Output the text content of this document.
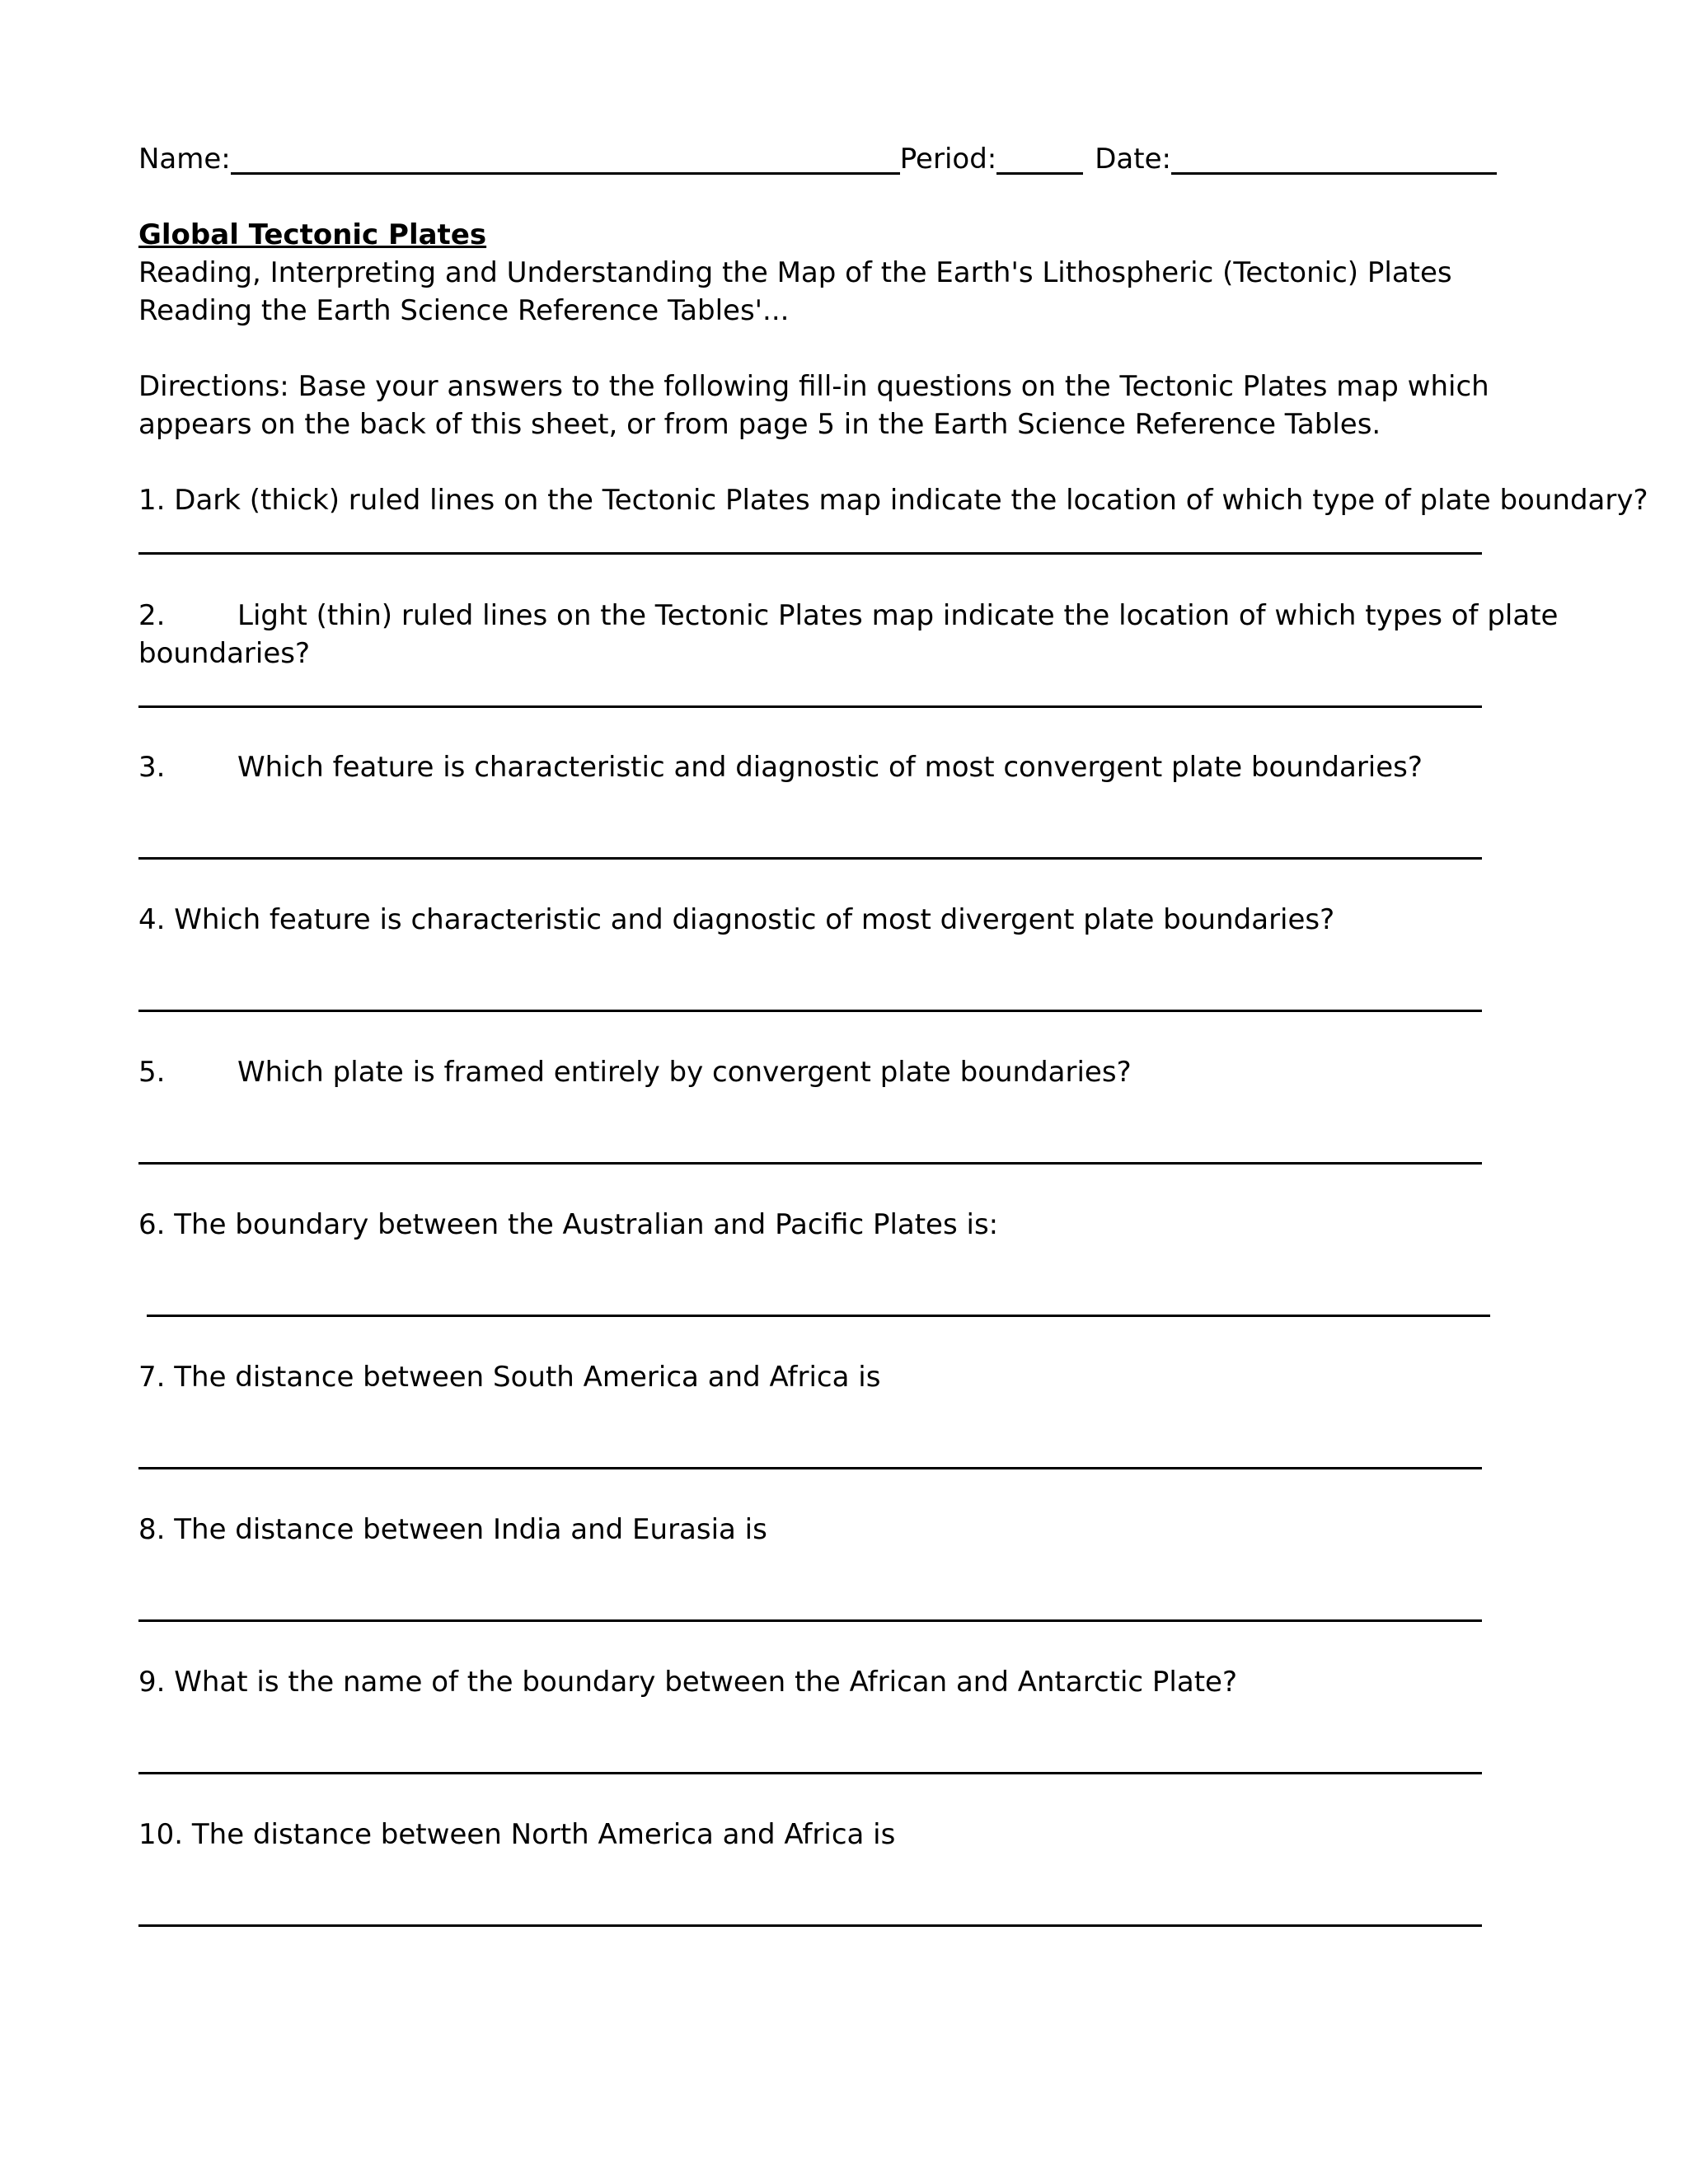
Name:	Period:	Date:
Global Tectonic Plates
Reading, Interpreting and Understanding the Map of the Earth's Lithospheric (Tectonic) Plates
Reading the Earth Science Reference Tables'...
Directions: Base your answers to the following fill-in questions on the Tectonic Plates map which appears on the back of this sheet, or from page 5 in the Earth Science Reference Tables.
1. Dark (thick) ruled lines on the Tectonic Plates map indicate the location of which type of plate boundary?
2.	Light (thin) ruled lines on the Tectonic Plates map indicate the location of which types of plate
boundaries?
3.	Which feature is characteristic and diagnostic of most convergent plate boundaries?
4. Which feature is characteristic and diagnostic of most divergent plate boundaries?
5.	Which plate is framed entirely by convergent plate boundaries?
6. The boundary between the Australian and Pacific Plates is:
7. The distance between South America and Africa is
8. The distance between India and Eurasia is
9. What is the name of the boundary between the African and Antarctic Plate?
10. The distance between North America and Africa is
